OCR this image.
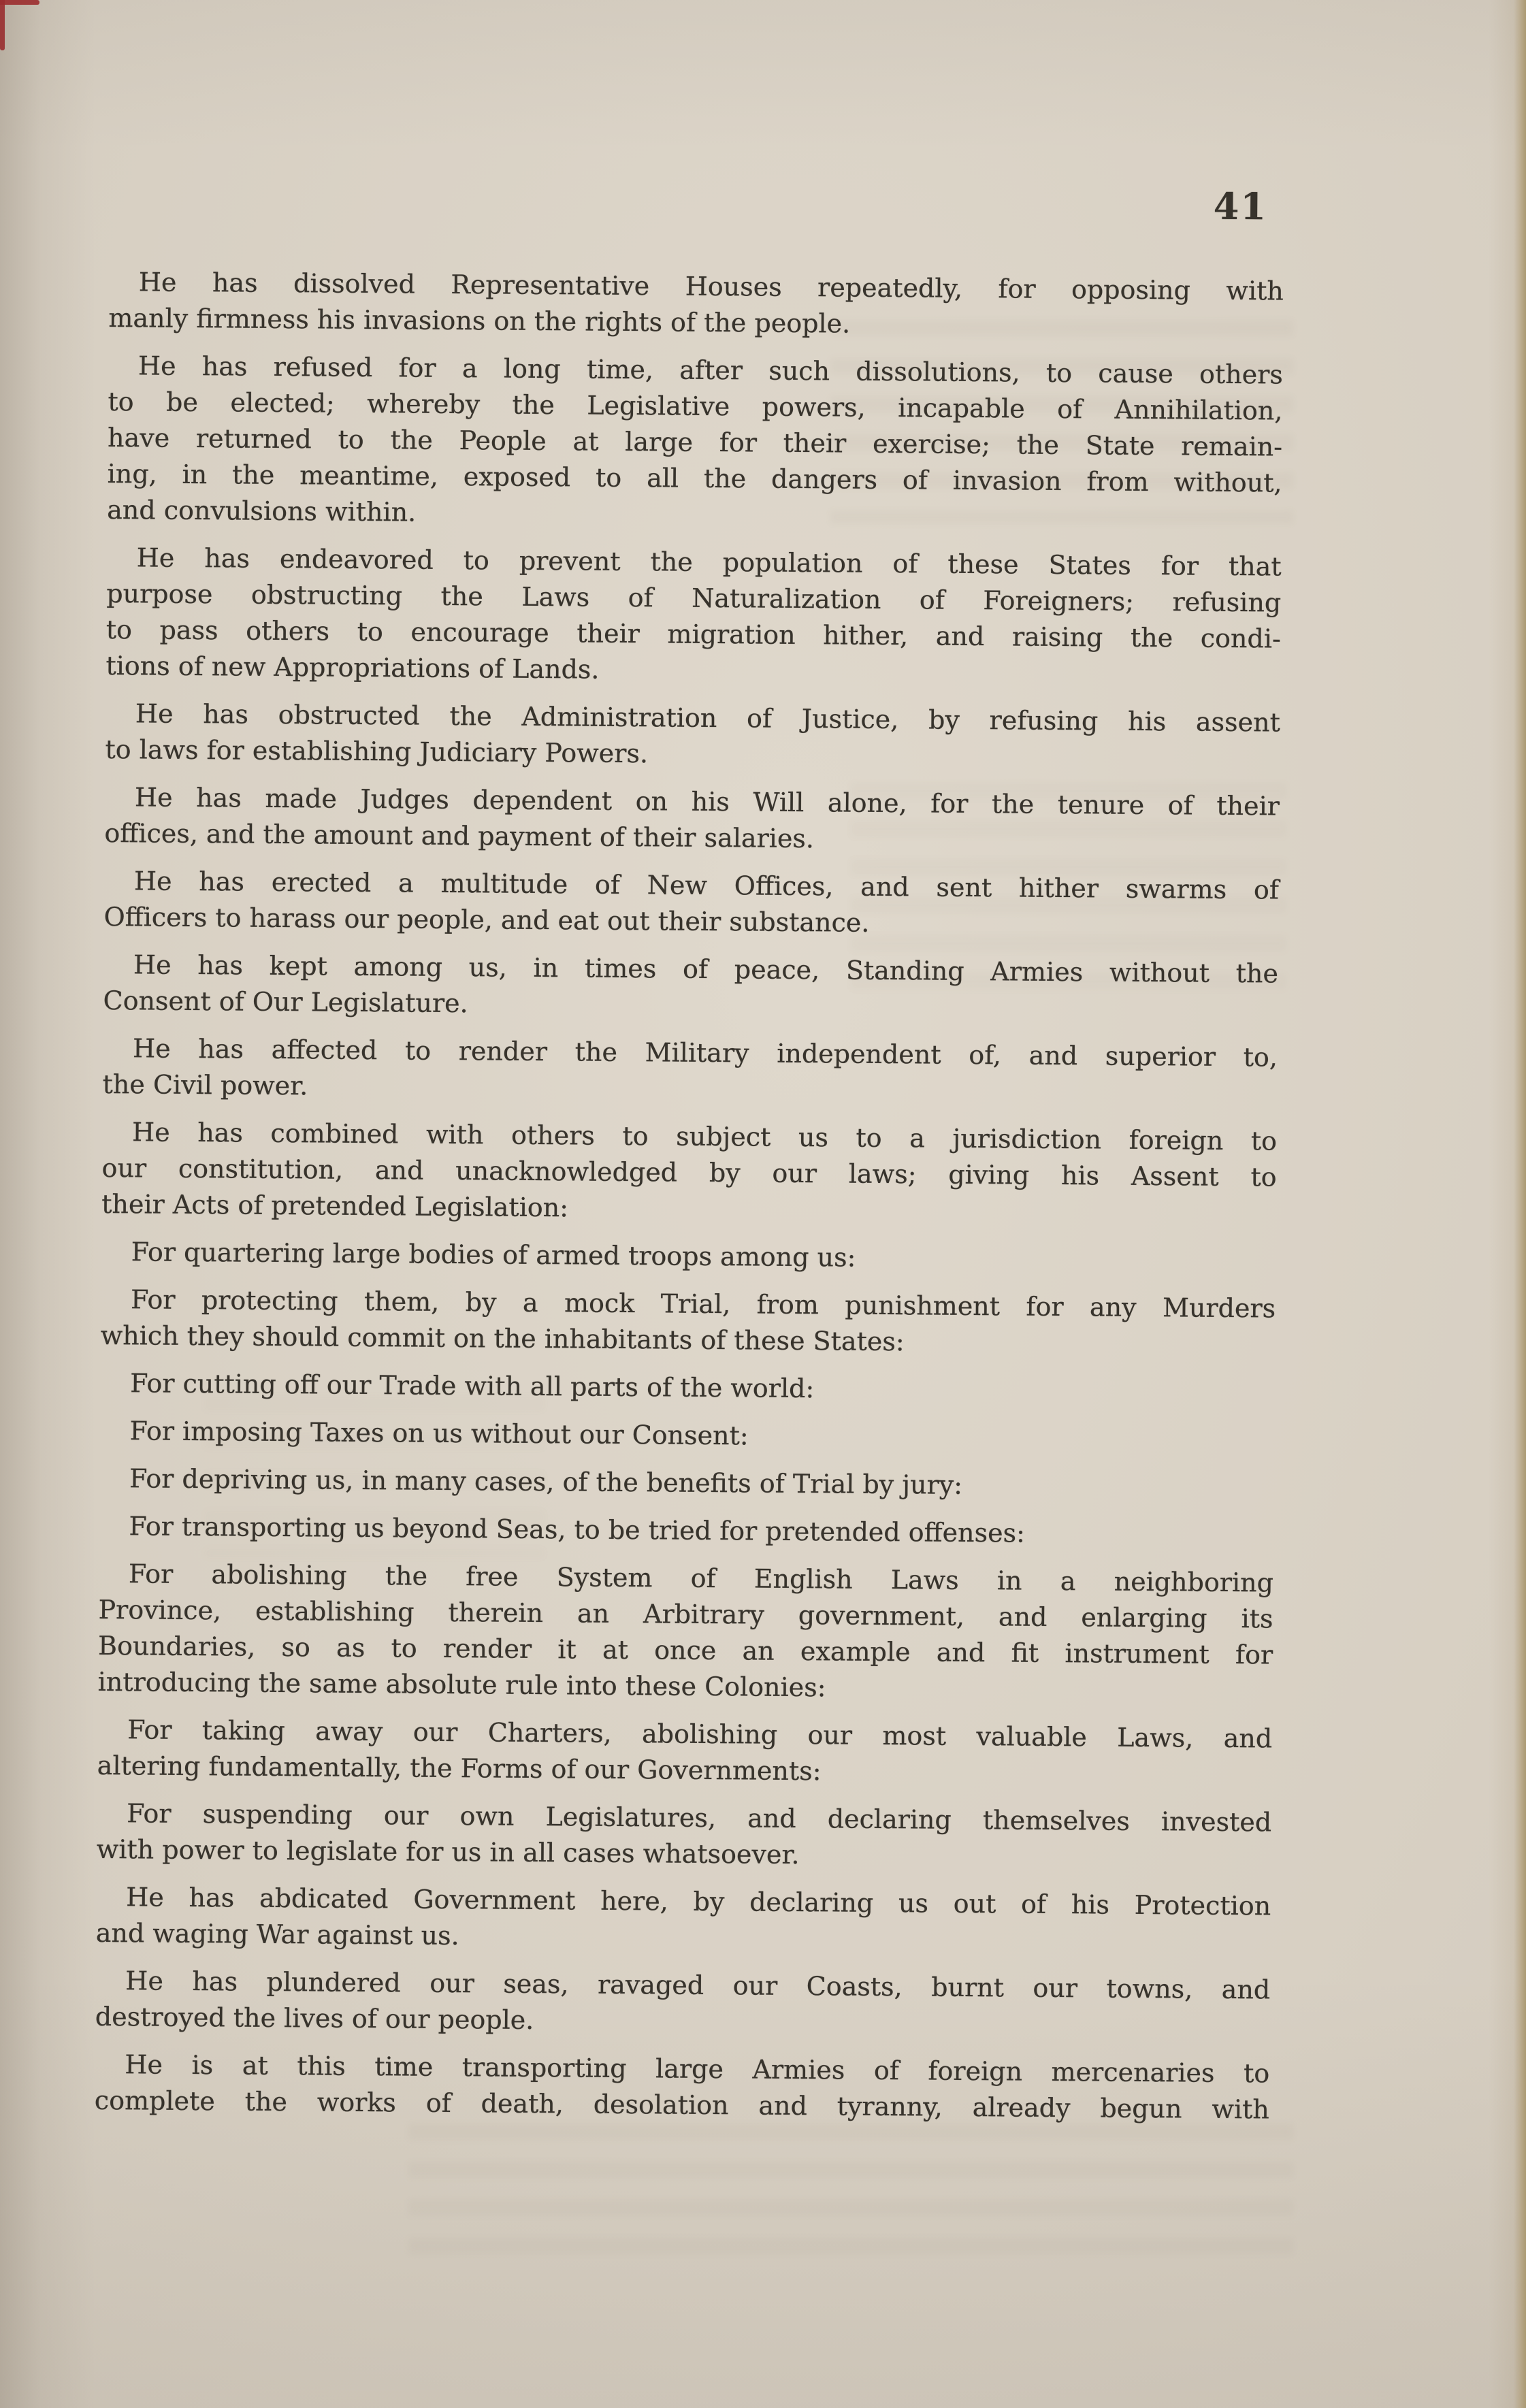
41
He has dissolved Representative Houses repeatedly, for opposing with
manly firmness his invasions on the rights of the people.
He has refused for a long time, after such dissolutions, to cause others
to be elected; whereby the Legislative powers, incapable of Annihilation,
have returned to the People at large for their exercise; the State remain-
ing, in the meantime, exposed to all the dangers of invasion from without,
and convulsions within.
He has endeavored to prevent the population of these States for that
purpose obstructing the Laws of Naturalization of Foreigners; refusing
to pass others to encourage their migration hither, and raising the condi-
tions of new Appropriations of Lands.
He has obstructed the Administration of Justice, by refusing his assent
to laws for establishing Judiciary Powers.
He has made Judges dependent on his Will alone, for the tenure of their
offices, and the amount and payment of their salaries.
He has erected a multitude of New Offices, and sent hither swarms of
Officers to harass our people, and eat out their substance.
He has kept among us, in times of peace, Standing Armies without the
Consent of Our Legislature.
He has affected to render the Military independent of, and superior to,
the Civil power.
He has combined with others to subject us to a jurisdiction foreign to
our constitution, and unacknowledged by our laws; giving his Assent to
their Acts of pretended Legislation:
For quartering large bodies of armed troops among us:
For protecting them, by a mock Trial, from punishment for any Murders
which they should commit on the inhabitants of these States:
For cutting off our Trade with all parts of the world:
For imposing Taxes on us without our Consent:
For depriving us, in many cases, of the benefits of Trial by jury:
For transporting us beyond Seas, to be tried for pretended offenses:
For abolishing the free System of English Laws in a neighboring
Province, establishing therein an Arbitrary government, and enlarging its
Boundaries, so as to render it at once an example and fit instrument for
introducing the same absolute rule into these Colonies:
For taking away our Charters, abolishing our most valuable Laws, and
altering fundamentally, the Forms of our Governments:
For suspending our own Legislatures, and declaring themselves invested
with power to legislate for us in all cases whatsoever.
He has abdicated Government here, by declaring us out of his Protection
and waging War against us.
He has plundered our seas, ravaged our Coasts, burnt our towns, and
destroyed the lives of our people.
He is at this time transporting large Armies of foreign mercenaries to
complete the works of death, desolation and tyranny, already begun with
